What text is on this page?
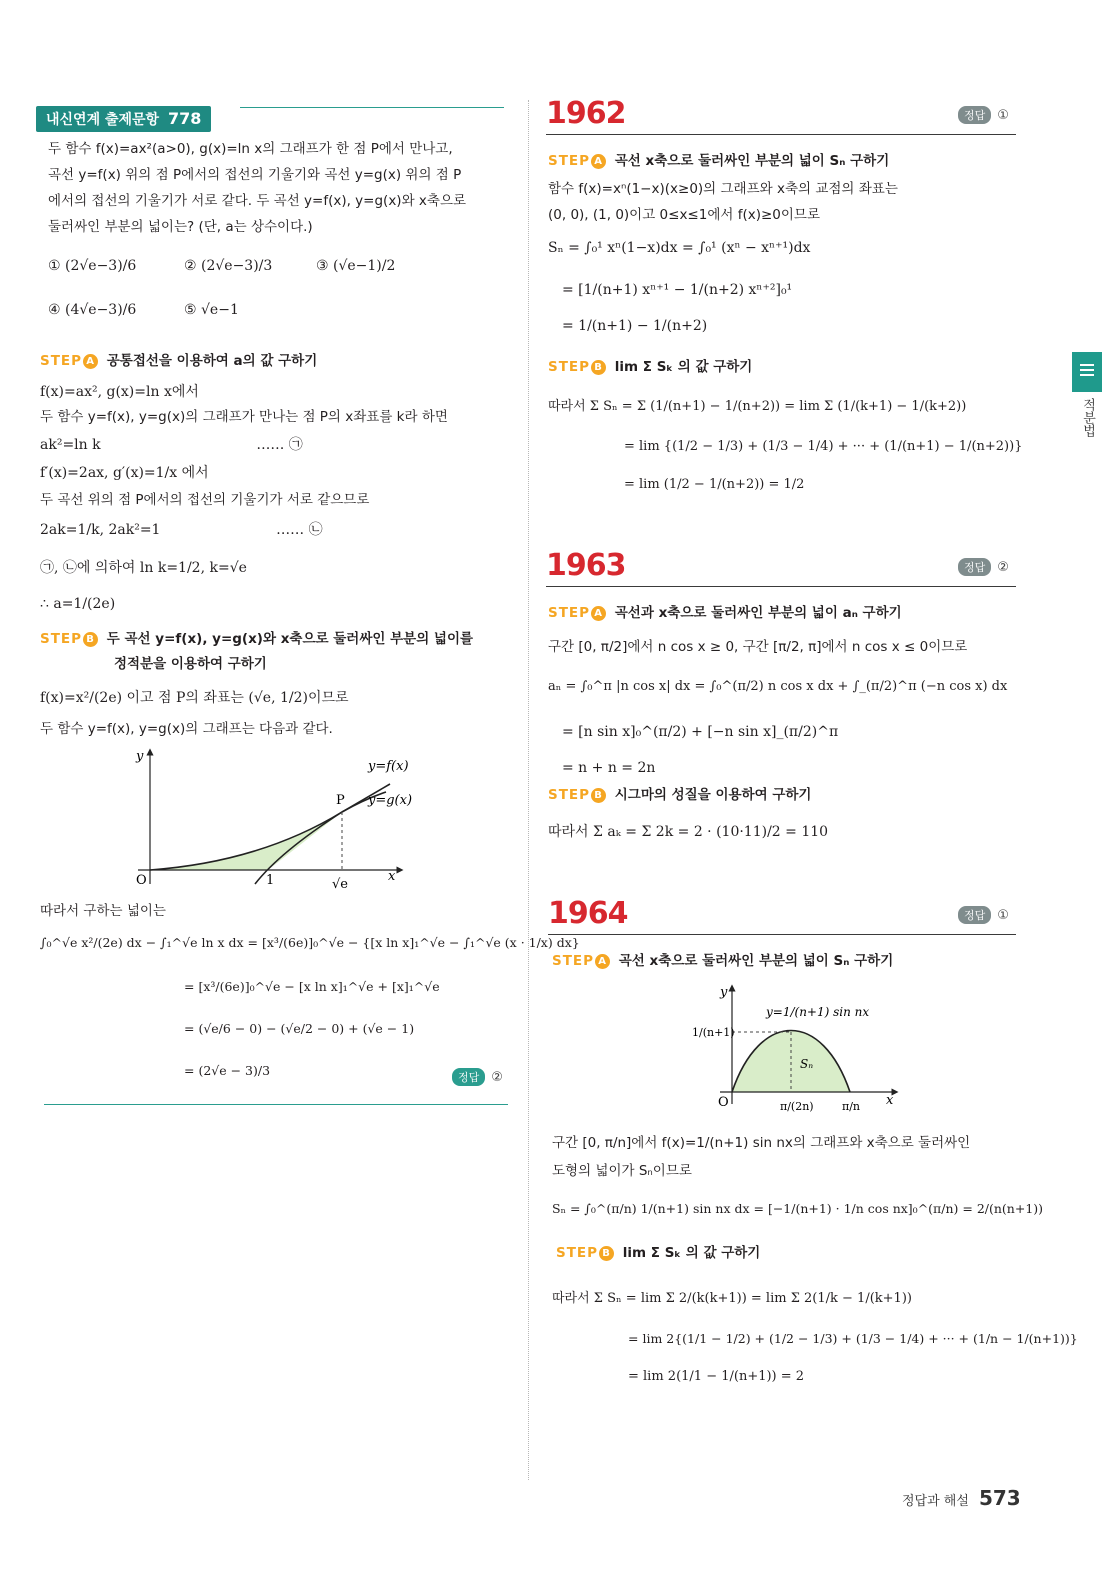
내신연계 출제문항 778
두 함수 f(x)=ax²(a>0), g(x)=ln x의 그래프가 한 점 P에서 만나고,
곡선 y=f(x) 위의 점 P에서의 접선의 기울기와 곡선 y=g(x) 위의 점 P
에서의 접선의 기울기가 서로 같다. 두 곡선 y=f(x), y=g(x)와 x축으로
둘러싸인 부분의 넓이는? (단, a는 상수이다.)
① (2√e−3)/6	② (2√e−3)/3	③ (√e−1)/2
④ (4√e−3)/6	⑤ √e−1
STEP A 공통접선을 이용하여 a의 값 구하기
f(x)=ax², g(x)=ln x에서
두 함수 y=f(x), y=g(x)의 그래프가 만나는 점 P의 x좌표를 k라 하면
ak²=ln k                                   …… ㉠
f′(x)=2ax, g′(x)=1/x 에서
두 곡선 위의 점 P에서의 접선의 기울기가 서로 같으므로
2ak=1/k, 2ak²=1                          …… ㉡
㉠, ㉡에 의하여 ln k=1/2, k=√e
∴ a=1/(2e)
STEP B 두 곡선 y=f(x), y=g(x)와 x축으로 둘러싸인 부분의 넓이를
정적분을 이용하여 구하기
f(x)=x²/(2e) 이고 점 P의 좌표는 (√e, 1/2)이므로
두 함수 y=f(x), y=g(x)의 그래프는 다음과 같다.
y
x
O	1	√e
P
y=f(x)
y=g(x)
따라서 구하는 넓이는
∫₀^√e x²/(2e) dx − ∫₁^√e ln x dx = [x³/(6e)]₀^√e − {[x ln x]₁^√e − ∫₁^√e (x · 1/x) dx}
= [x³/(6e)]₀^√e − [x ln x]₁^√e + [x]₁^√e
= (√e/6 − 0) − (√e/2 − 0) + (√e − 1)
= (2√e − 3)/3	정답 ②
1962	정답 ①
STEP A 곡선 x축으로 둘러싸인 부분의 넓이 Sₙ 구하기
함수 f(x)=xⁿ(1−x)(x≥0)의 그래프와 x축의 교점의 좌표는
(0, 0), (1, 0)이고 0≤x≤1에서 f(x)≥0이므로
Sₙ = ∫₀¹ xⁿ(1−x)dx = ∫₀¹ (xⁿ − xⁿ⁺¹)dx
= [1/(n+1) xⁿ⁺¹ − 1/(n+2) xⁿ⁺²]₀¹
= 1/(n+1) − 1/(n+2)
STEP B lim Σ Sₖ 의 값 구하기
따라서 Σ Sₙ = Σ (1/(n+1) − 1/(n+2)) = lim Σ (1/(k+1) − 1/(k+2))
= lim {(1/2 − 1/3) + (1/3 − 1/4) + ··· + (1/(n+1) − 1/(n+2))}
= lim (1/2 − 1/(n+2)) = 1/2
1963	정답 ②
STEP A 곡선과 x축으로 둘러싸인 부분의 넓이 aₙ 구하기
구간 [0, π/2]에서 n cos x ≥ 0, 구간 [π/2, π]에서 n cos x ≤ 0이므로
aₙ = ∫₀^π |n cos x| dx = ∫₀^(π/2) n cos x dx + ∫_(π/2)^π (−n cos x) dx
= [n sin x]₀^(π/2) + [−n sin x]_(π/2)^π
= n + n = 2n
STEP B 시그마의 성질을 이용하여 구하기
따라서 Σ aₖ = Σ 2k = 2 · (10·11)/2 = 110
1964	정답 ①
STEP A 곡선 x축으로 둘러싸인 부분의 넓이 Sₙ 구하기
y
x
O
1/(n+1)
π/(2n)	π/n
Sₙ
y=1/(n+1) sin nx
구간 [0, π/n]에서 f(x)=1/(n+1) sin nx의 그래프와 x축으로 둘러싸인
도형의 넓이가 Sₙ이므로
Sₙ = ∫₀^(π/n) 1/(n+1) sin nx dx = [−1/(n+1) · 1/n cos nx]₀^(π/n) = 2/(n(n+1))
STEP B lim Σ Sₖ 의 값 구하기
따라서 Σ Sₙ = lim Σ 2/(k(k+1)) = lim Σ 2(1/k − 1/(k+1))
= lim 2{(1/1 − 1/2) + (1/2 − 1/3) + (1/3 − 1/4) + ··· + (1/n − 1/(n+1))}
= lim 2(1/1 − 1/(n+1)) = 2
적분법
정답과 해설 573
